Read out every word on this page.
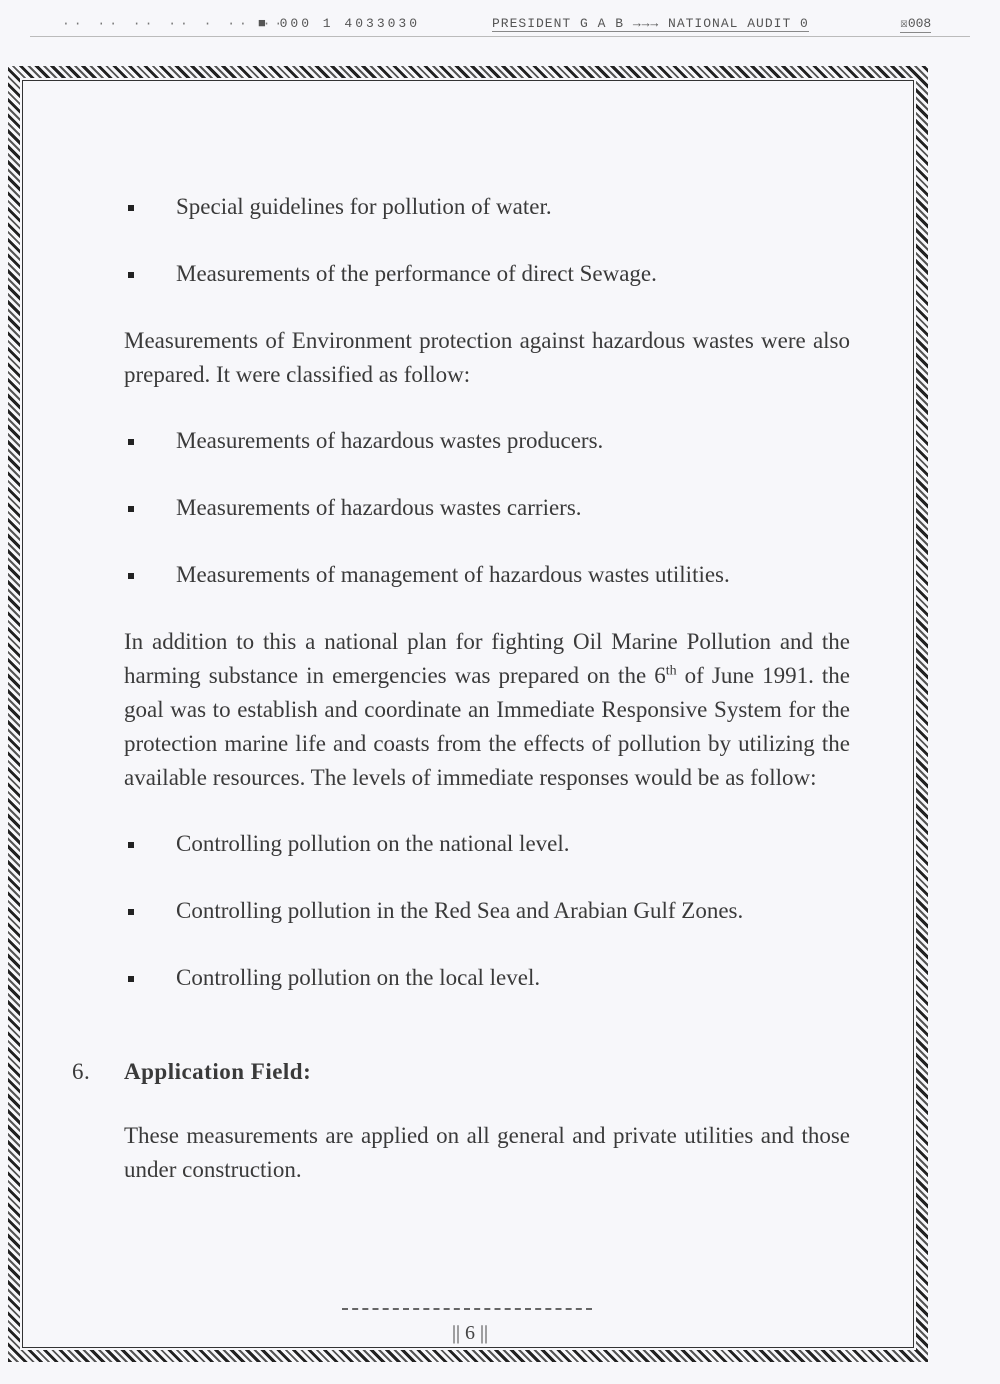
·· ·· ·· ·· · ·· ··
■ 000 1 4033030	PRESIDENT G A B →→→ NATIONAL AUDIT 0	☒008
Special guidelines for pollution of water.
Measurements of the performance of direct Sewage.

Measurements of Environment protection against hazardous wastes were also prepared. It were classified as follow:

Measurements of hazardous wastes producers.
Measurements of hazardous wastes carriers.
Measurements of management of hazardous wastes utilities.

In addition to this a national plan for fighting Oil Marine Pollution and the harming substance in emergencies was prepared on the 6th of June 1991. the goal was to establish and coordinate an Immediate Responsive System for the protection marine life and coasts from the effects of pollution by utilizing the available resources. The levels of immediate responses would be as follow:

Controlling pollution on the national level.
Controlling pollution in the Red Sea and Arabian Gulf Zones.
Controlling pollution on the local level.
6. Application Field:

These measurements are applied on all general and private utilities and those under construction.

|| 6 ||
